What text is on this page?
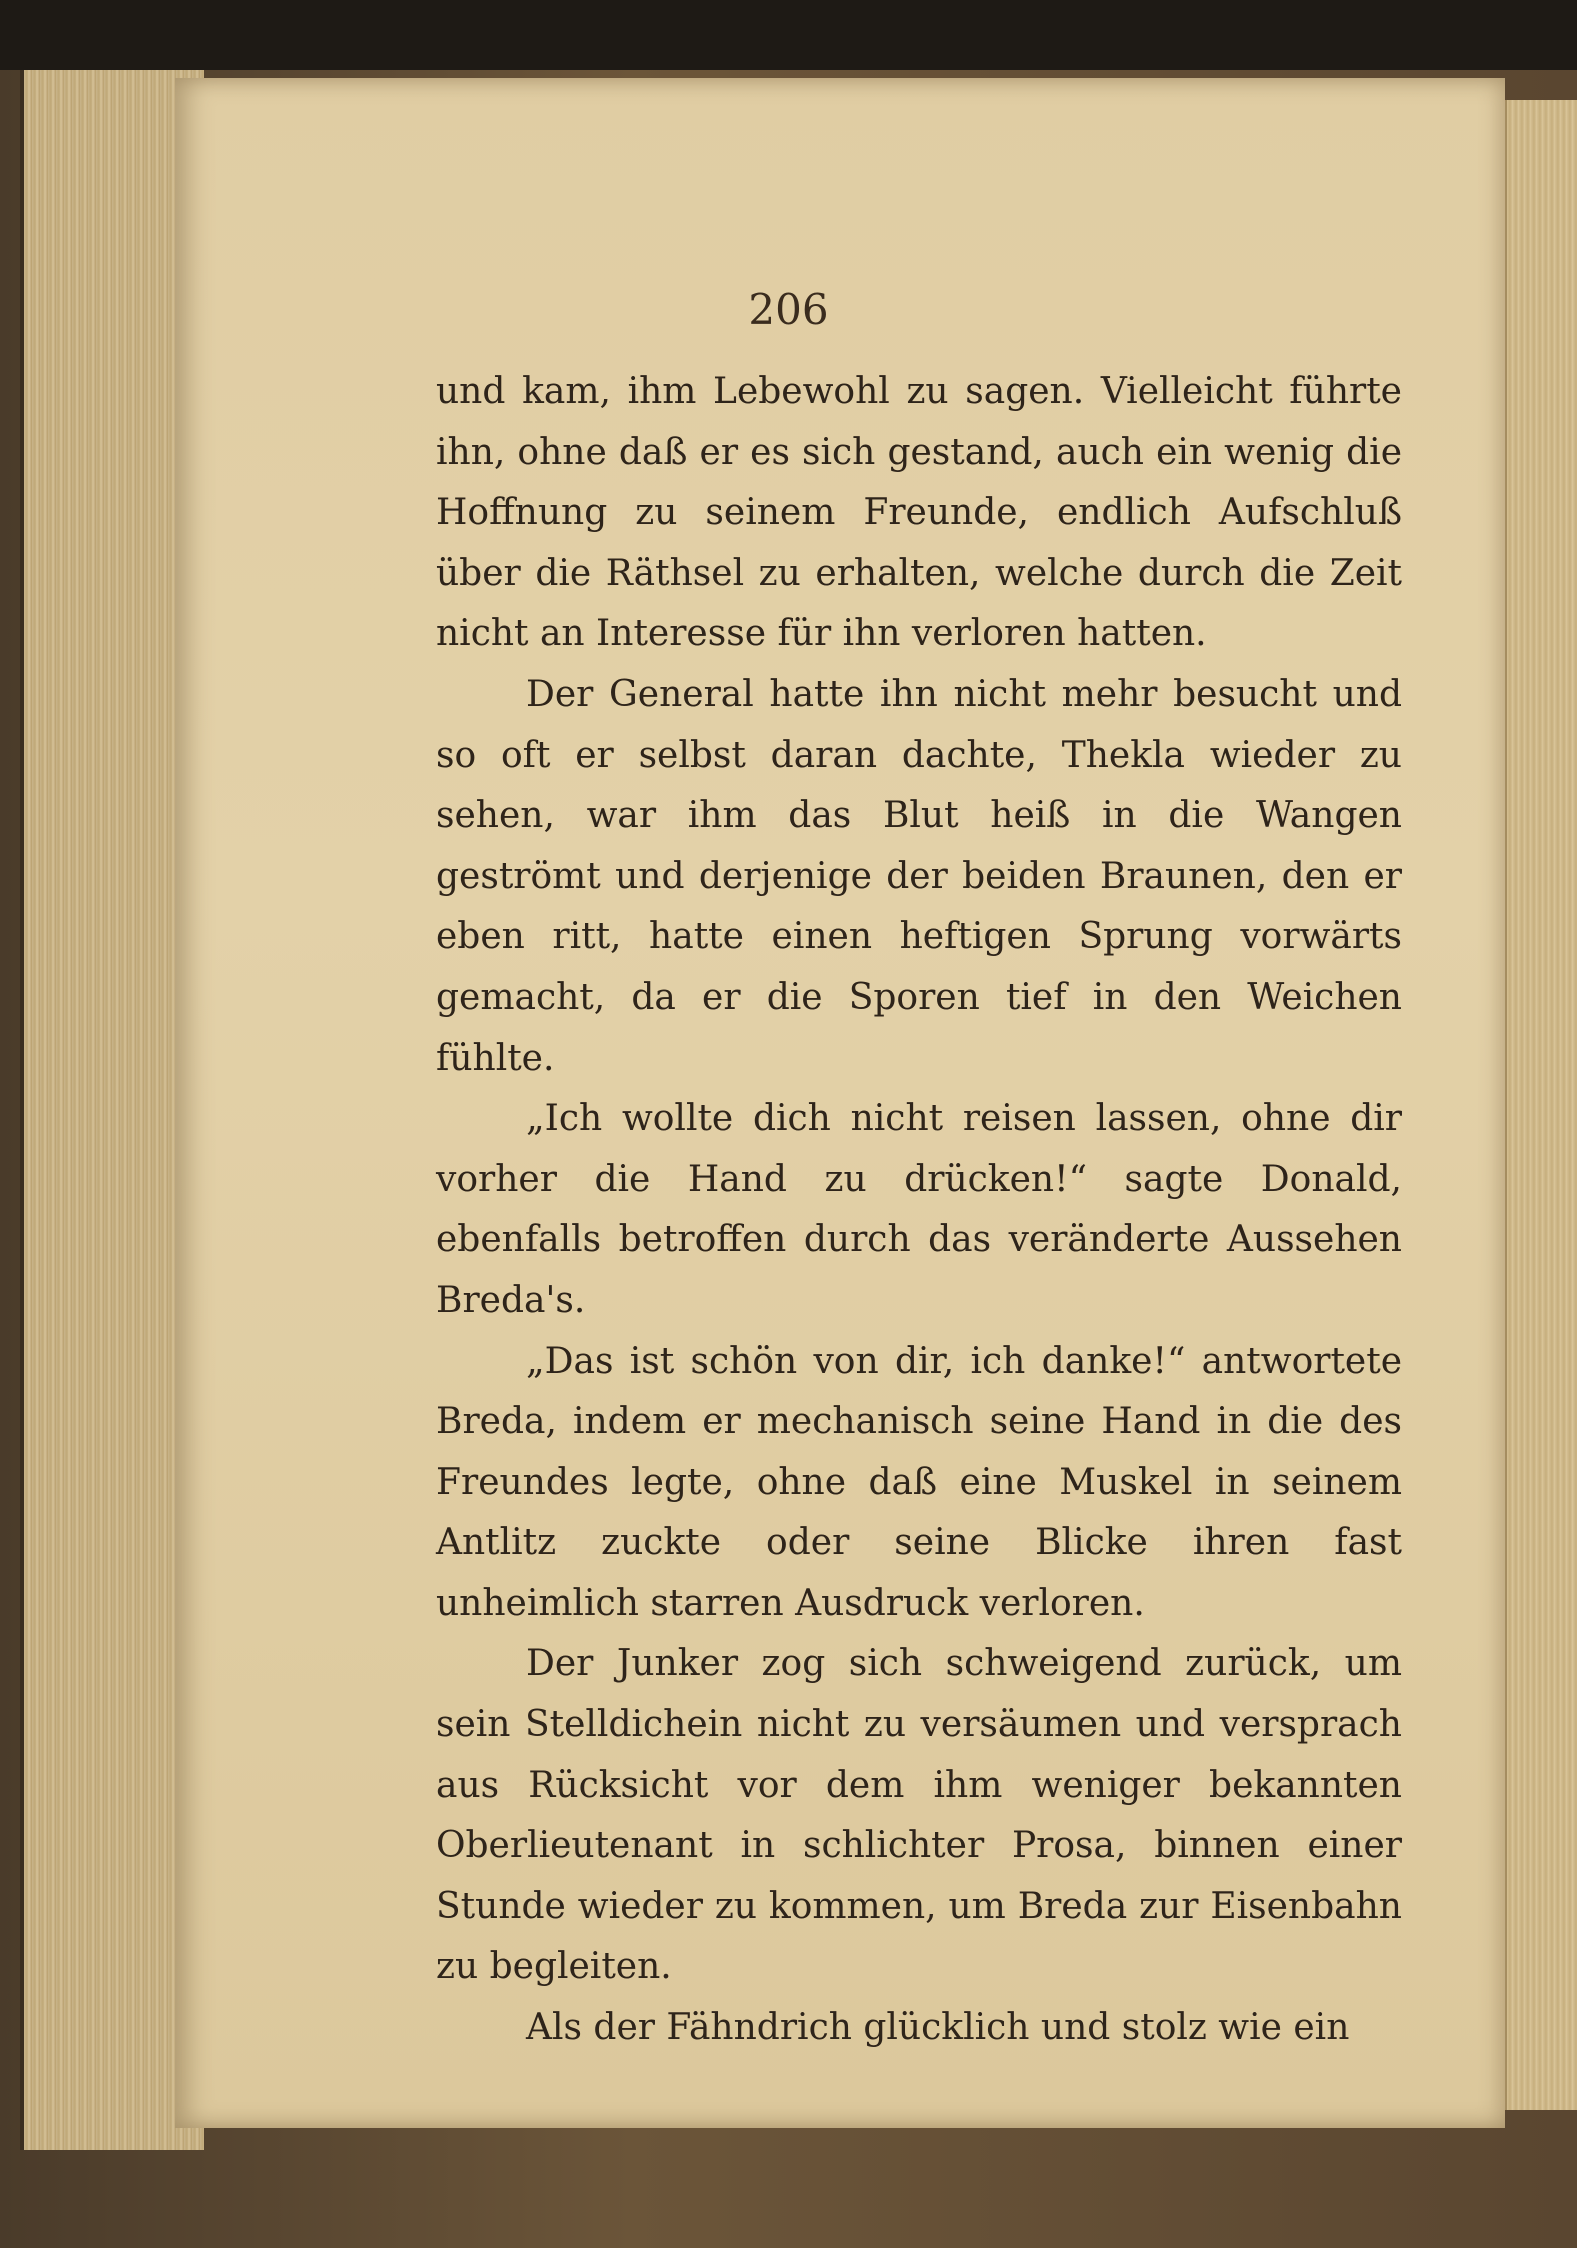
206

und kam, ihm Lebewohl zu sagen. Vielleicht führte ihn, ohne daß er es sich gestand, auch ein wenig die Hoffnung zu seinem Freunde, endlich Aufschluß über die Räthsel zu erhalten, welche durch die Zeit nicht an Interesse für ihn verloren hatten.

Der General hatte ihn nicht mehr besucht und so oft er selbst daran dachte, Thekla wieder zu sehen, war ihm das Blut heiß in die Wangen geströmt und derjenige der beiden Braunen, den er eben ritt, hatte einen heftigen Sprung vorwärts gemacht, da er die Sporen tief in den Weichen fühlte.

„Ich wollte dich nicht reisen lassen, ohne dir vorher die Hand zu drücken!“ sagte Donald, ebenfalls betroffen durch das veränderte Aussehen Breda's.

„Das ist schön von dir, ich danke!“ antwortete Breda, indem er mechanisch seine Hand in die des Freundes legte, ohne daß eine Muskel in seinem Antlitz zuckte oder seine Blicke ihren fast unheimlich starren Ausdruck verloren.

Der Junker zog sich schweigend zurück, um sein Stelldichein nicht zu versäumen und versprach aus Rücksicht vor dem ihm weniger bekannten Oberlieutenant in schlichter Prosa, binnen einer Stunde wieder zu kommen, um Breda zur Eisenbahn zu begleiten.

Als der Fähndrich glücklich und stolz wie ein
